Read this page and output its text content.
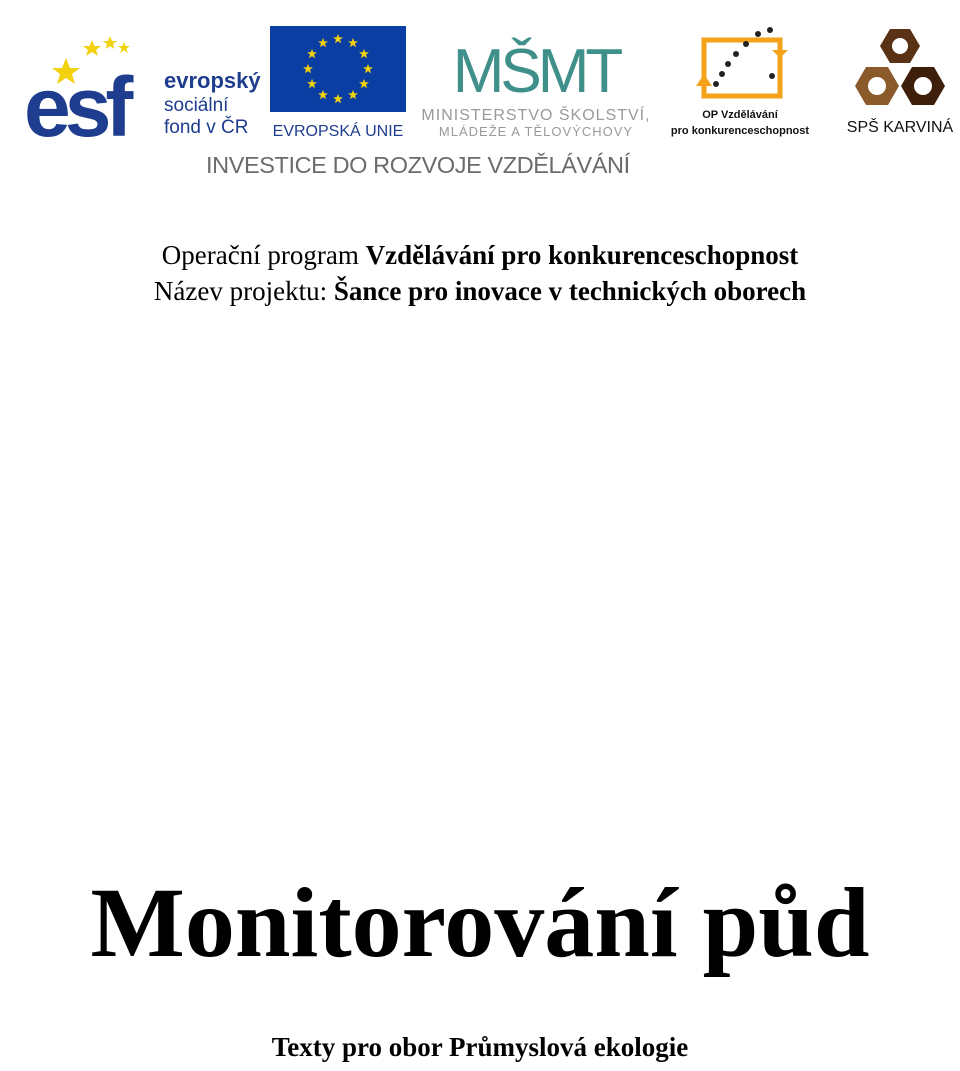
esf	evropský
sociální
fond v ČR EVROPSKÁ UNIE
MŠMT
MINISTERSTVO ŠKOLSTVÍ,
MLÁDEŽE A TĚLOVÝCHOVY
OP Vzdělávání
pro konkurenceschopnost SPŠ KARVINÁ
INVESTICE DO ROZVOJE VZDĚLÁVÁNÍ
Operační program Vzdělávání pro konkurenceschopnost
Název projektu: Šance pro inovace v technických oborech
Monitorování půd
Texty pro obor Průmyslová ekologie
